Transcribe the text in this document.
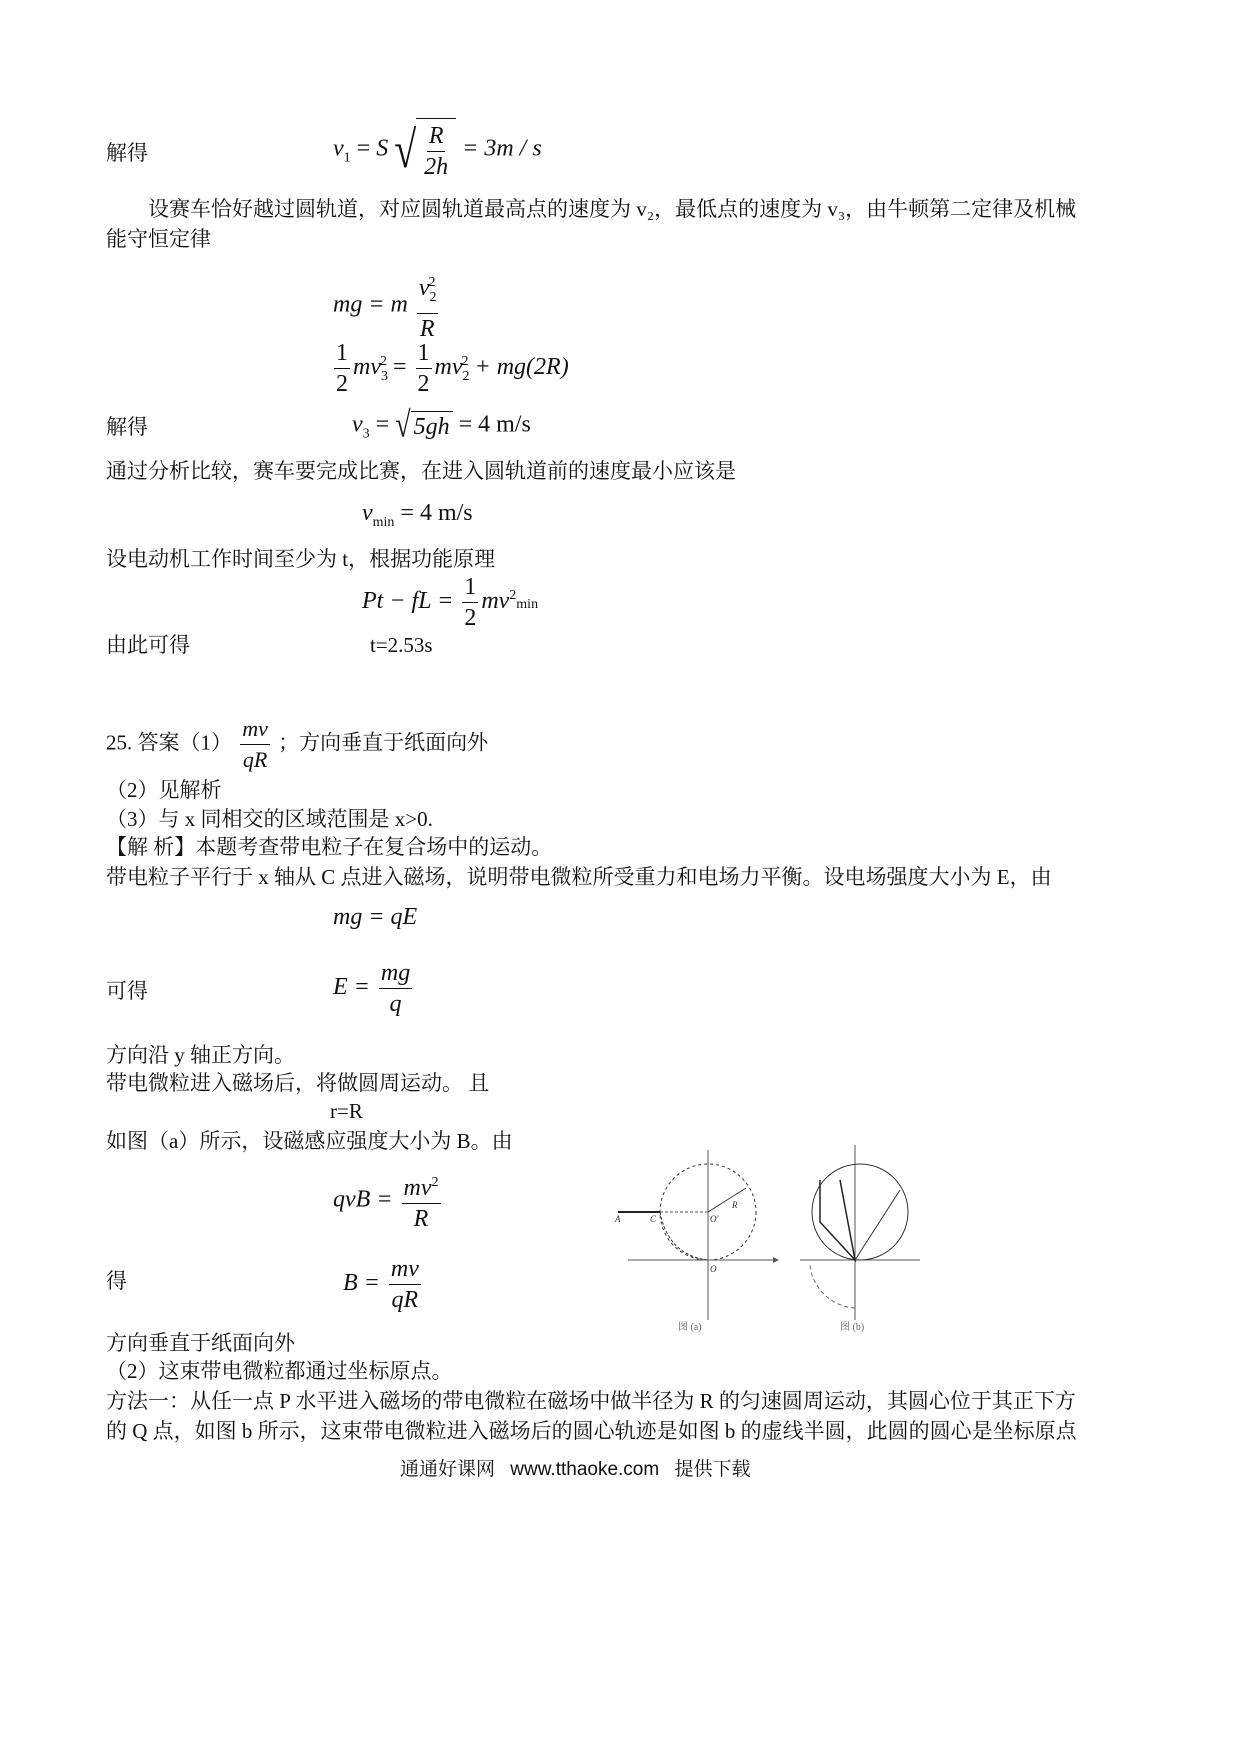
解得	$v_1 = S$ √ $\frac{R}{2h} = 3m / s$
设赛车恰好越过圆轨道，对应圆轨道最高点的速度为 v₂，最低点的速度为 v₃，由牛顿第二定律及机械
能守恒定律
mg = m $\frac{v_2^2}{R}$
$\frac{1}{2} mv_3^2 = \frac{1}{2} mv_2^2 + mg(2R)$
解得	$v_3$ = √ 5gh = 4 m/s
通过分析比较，赛车要完成比赛，在进入圆轨道前的速度最小应该是
$v_{min} = 4$ m/s
设电动机工作时间至少为 t，根据功能原理
Pt − fL = $\frac{1}{2} mv^2\min$
由此可得	t=2.53s
25. 答案$(1) \frac{mv}{qR}$ ；方向垂直于纸面向外
（2）见解析
（3）与 x 同相交的区域范围是 x>0.
【解 析】本题考查带电粒子在复合场中的运动。
带电粒子平行于 x 轴从 C 点进入磁场，说明带电微粒所受重力和电场力平衡。设电场强度大小为 E，由
mg = qE
可得	$E = \frac{mg}{q}$
方向沿 y 轴正方向。
带电微粒进入磁场后，将做圆周运动。 且
r=R
如图（a）所示，设磁感应强度大小为 B。由
qvB = $\frac{mv^2}{R}$
得	$B = \frac{mv}{qR}$
方向垂直于纸面向外
（2）这束带电微粒都通过坐标原点。
方法一：从任一点 P 水平进入磁场的带电微粒在磁场中做半径为 R 的匀速圆周运动，其圆心位于其正下方
的 Q 点，如图 b 所示，这束带电微粒进入磁场后的圆心轨迹是如图 b 的虚线半圆，此圆的圆心是坐标原点
A	C	O'
R
O
图 (a)	图 (b)
通通好课网 www.tthaoke.com 提供下载
